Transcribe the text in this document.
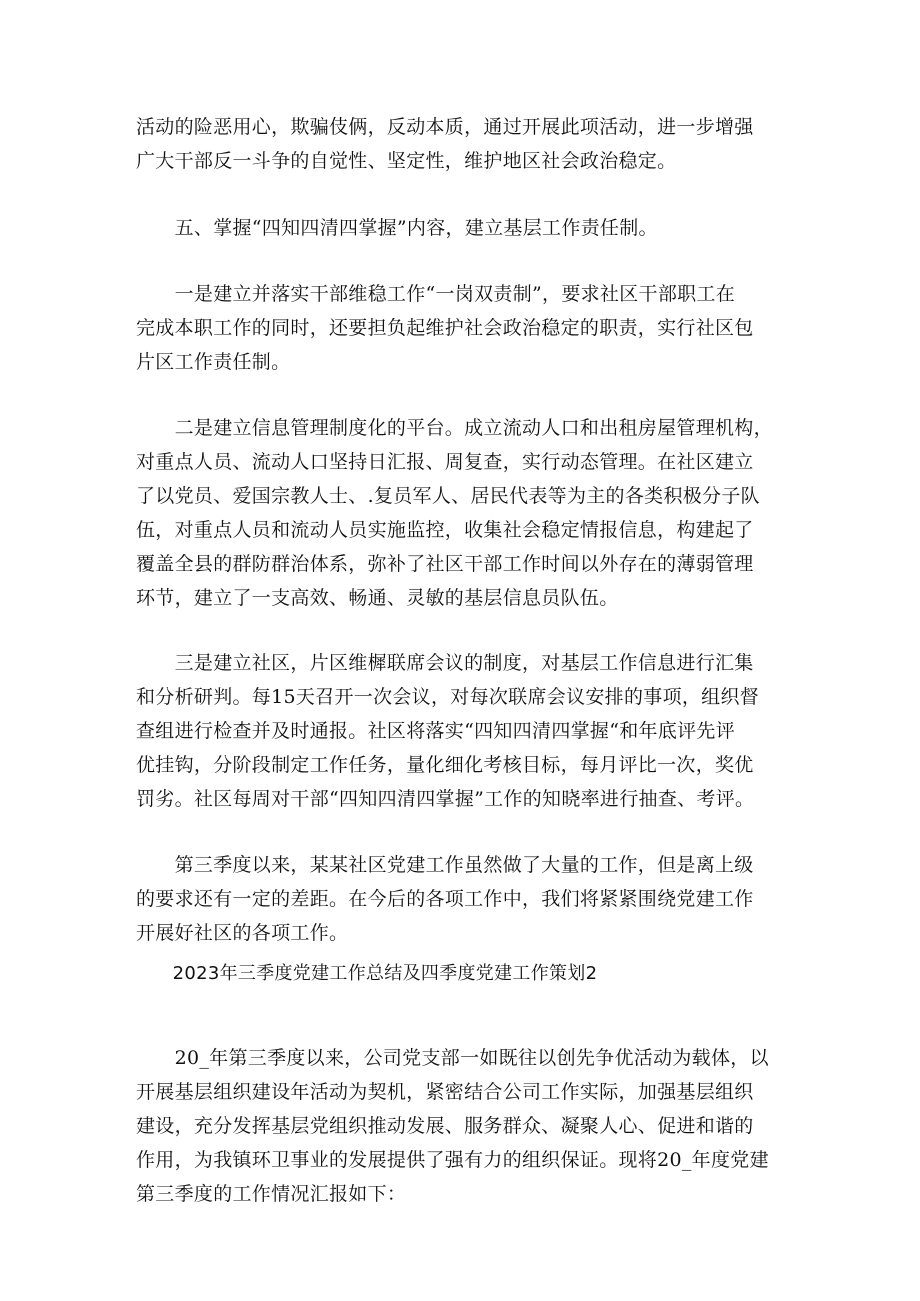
活动的险恶用心，欺骗伎俩，反动本质，通过开展此项活动，进一步增强
广大干部反一斗争的自觉性、坚定性，维护地区社会政治稳定。
　　五、掌握“四知四清四掌握”内容，建立基层工作责任制。
　　一是建立并落实干部维稳工作“一岗双责制”，要求社区干部职工在
完成本职工作的同时，还要担负起维护社会政治稳定的职责，实行社区包
片区工作责任制。
　　二是建立信息管理制度化的平台。成立流动人口和出租房屋管理机构，
对重点人员、流动人口坚持日汇报、周复查，实行动态管理。在社区建立
了以党员、爱国宗教人士、.复员军人、居民代表等为主的各类积极分子队
伍，对重点人员和流动人员实施监控，收集社会稳定情报信息，构建起了
覆盖全县的群防群治体系，弥补了社区干部工作时间以外存在的薄弱管理
环节，建立了一支高效、畅通、灵敏的基层信息员队伍。
　　三是建立社区，片区维樨联席会议的制度，对基层工作信息进行汇集
和分析研判。每15天召开一次会议，对每次联席会议安排的事项，组织督
查组进行检查并及时通报。社区将落实“四知四清四掌握“和年底评先评
优挂钩，分阶段制定工作任务，量化细化考核目标，每月评比一次，奖优
罚劣。社区每周对干部“四知四清四掌握”工作的知晓率进行抽查、考评。
　　第三季度以来，某某社区党建工作虽然做了大量的工作，但是离上级
的要求还有一定的差距。在今后的各项工作中，我们将紧紧围绕党建工作
开展好社区的各项工作。
　　2023年三季度党建工作总结及四季度党建工作策划2
　　20_年第三季度以来，公司党支部一如既往以创先争优活动为载体，以
开展基层组织建设年活动为契机，紧密结合公司工作实际，加强基层组织
建设，充分发挥基层党组织推动发展、服务群众、凝聚人心、促进和谐的
作用，为我镇环卫事业的发展提供了强有力的组织保证。现将20_年度党建
第三季度的工作情况汇报如下：
